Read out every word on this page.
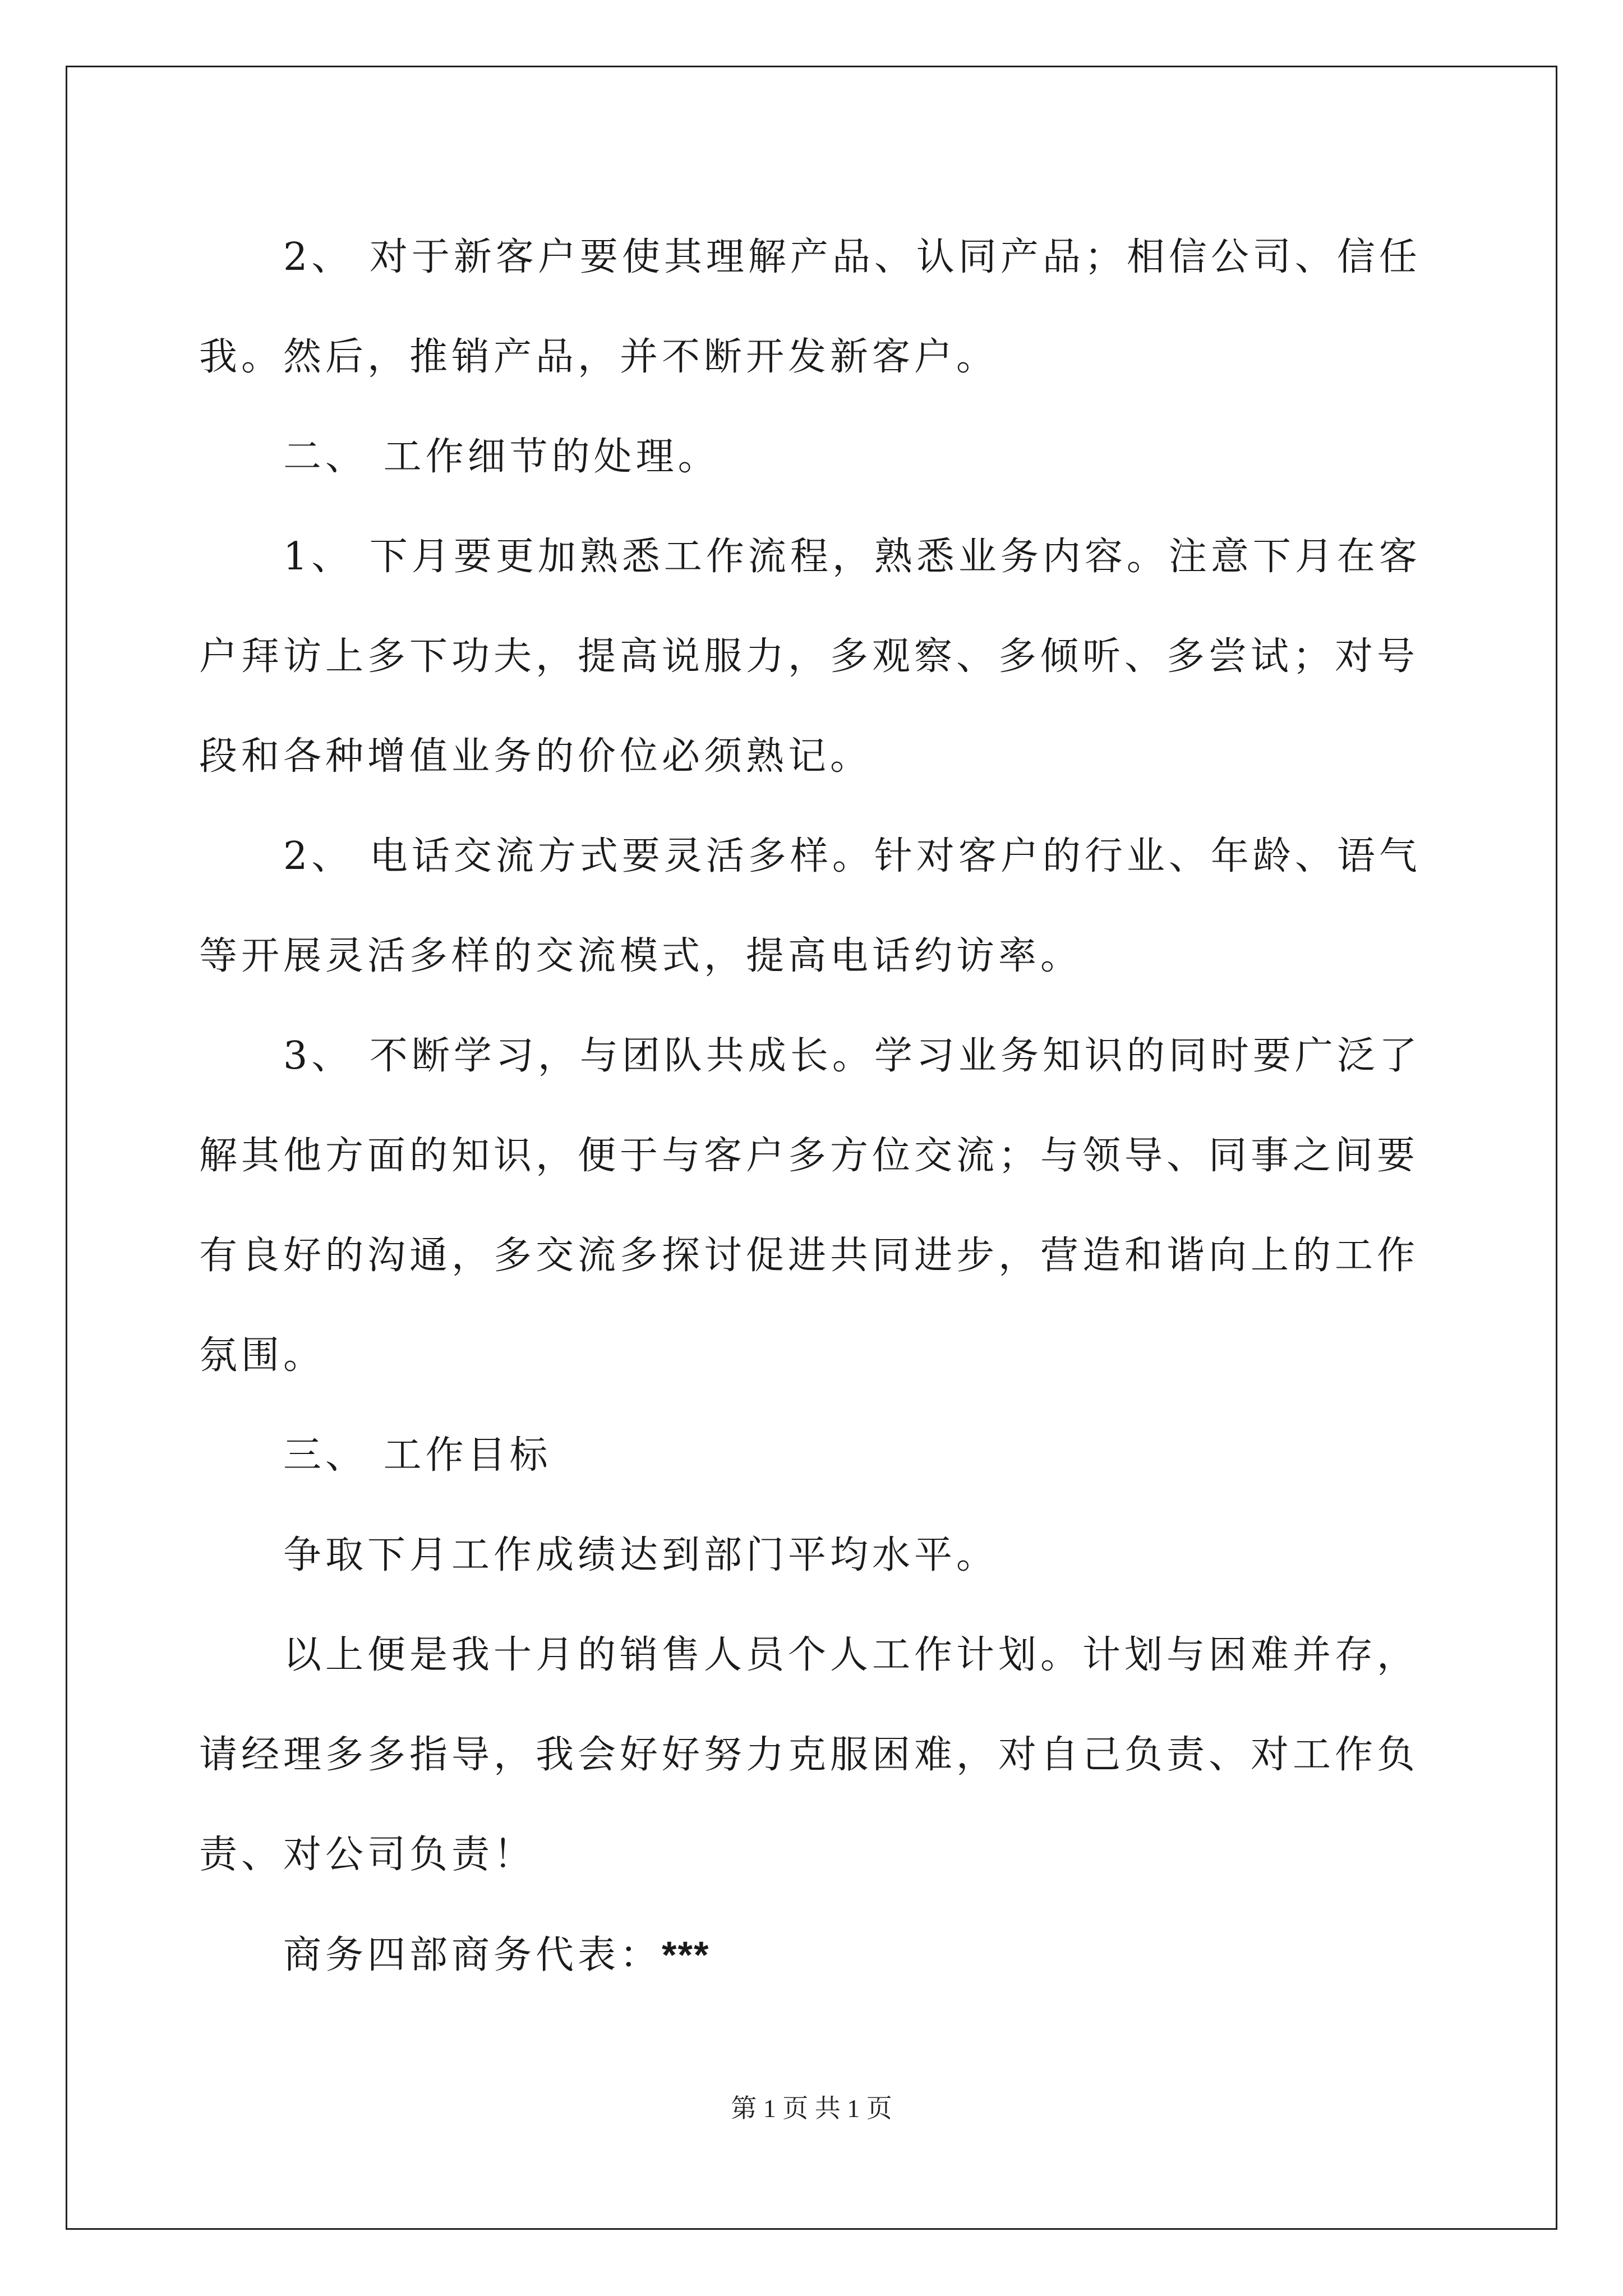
2、 对于新客户要使其理解产品、认同产品；相信公司、信任我。然后，推销产品，并不断开发新客户。

二、 工作细节的处理。

1、 下月要更加熟悉工作流程，熟悉业务内容。注意下月在客户拜访上多下功夫，提高说服力，多观察、多倾听、多尝试；对号段和各种增值业务的价位必须熟记。

2、 电话交流方式要灵活多样。针对客户的行业、年龄、语气等开展灵活多样的交流模式，提高电话约访率。

3、 不断学习，与团队共成长。学习业务知识的同时要广泛了解其他方面的知识，便于与客户多方位交流；与领导、同事之间要有良好的沟通，多交流多探讨促进共同进步，营造和谐向上的工作氛围。

三、 工作目标

争取下月工作成绩达到部门平均水平。

以上便是我十月的销售人员个人工作计划。计划与困难并存，请经理多多指导，我会好好努力克服困难，对自己负责、对工作负责、对公司负责！

商务四部商务代表：***

第 1 页 共 1 页
